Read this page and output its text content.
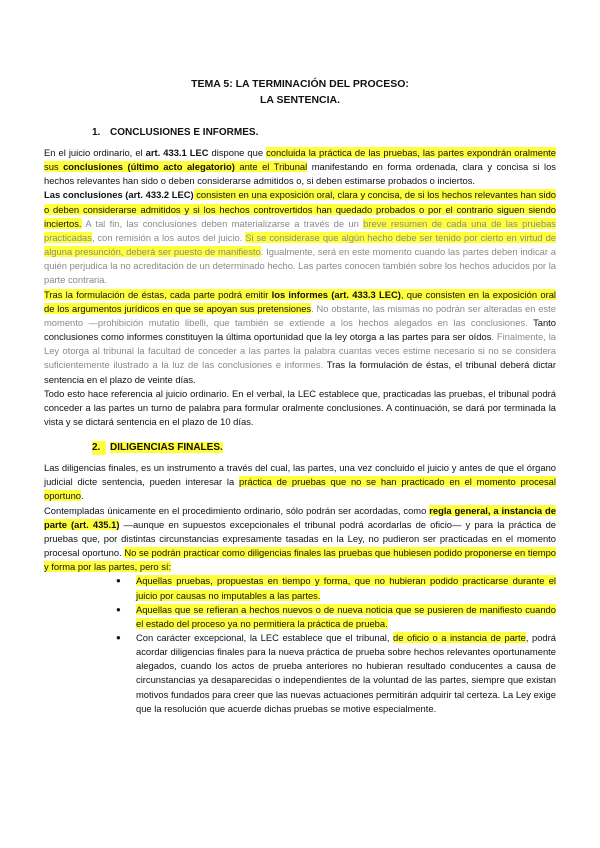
TEMA 5: LA TERMINACIÓN DEL PROCESO:

LA SENTENCIA.

1. CONCLUSIONES E INFORMES.

En el juicio ordinario, el art. 433.1 LEC dispone que concluida la práctica de las pruebas, las partes expondrán oralmente sus conclusiones (último acto alegatorio) ante el Tribunal manifestando en forma ordenada, clara y concisa si los hechos relevantes han sido o deben considerarse admitidos o, si deben estimarse probados o inciertos.

Las conclusiones (art. 433.2 LEC) consisten en una exposición oral, clara y concisa, de si los hechos relevantes han sido o deben considerarse admitidos y si los hechos controvertidos han quedado probados o por el contrario siguen siendo inciertos. A tal fin, las conclusiones deben materializarse a través de un breve resumen de cada una de las pruebas practicadas, con remisión a los autos del juicio. Si se considerase que algún hecho debe ser tenido por cierto en virtud de alguna presunción, deberá ser puesto de manifiesto. Igualmente, será en este momento cuando las partes deben indicar a quién perjudica la no acreditación de un determinado hecho. Las partes conocen también sobre los hechos aducidos por la parte contraria.

Tras la formulación de éstas, cada parte podrá emitir los informes (art. 433.3 LEC), que consisten en la exposición oral de los argumentos jurídicos en que se apoyan sus pretensiones. No obstante, las mismas no podrán ser alteradas en este momento —prohibición mutatio libelli, que también se extiende a los hechos alegados en las conclusiones. Tanto conclusiones como informes constituyen la última oportunidad que la ley otorga a las partes para ser oídos. Finalmente, la Ley otorga al tribunal la facultad de conceder a las partes la palabra cuantas veces estime necesario si no se considera suficientemente ilustrado a la luz de las conclusiones e informes. Tras la formulación de éstas, el tribunal deberá dictar sentencia en el plazo de veinte días.

Todo esto hace referencia al juicio ordinario. En el verbal, la LEC establece que, practicadas las pruebas, el tribunal podrá conceder a las partes un turno de palabra para formular oralmente conclusiones. A continuación, se dará por terminada la vista y se dictará sentencia en el plazo de 10 días.

2. DILIGENCIAS FINALES.

Las diligencias finales, es un instrumento a través del cual, las partes, una vez concluido el juicio y antes de que el órgano judicial dicte sentencia, pueden interesar la práctica de pruebas que no se han practicado en el momento procesal oportuno.

Contempladas únicamente en el procedimiento ordinario, sólo podrán ser acordadas, como regla general, a instancia de parte (art. 435.1) —aunque en supuestos excepcionales el tribunal podrá acordarlas de oficio— y para la práctica de pruebas que, por distintas circunstancias expresamente tasadas en la Ley, no pudieron ser practicadas en el momento procesal oportuno. No se podrán practicar como diligencias finales las pruebas que hubiesen podido proponerse en tiempo y forma por las partes, pero sí:

● Aquellas pruebas, propuestas en tiempo y forma, que no hubieran podido practicarse durante el juicio por causas no imputables a las partes.
● Aquellas que se refieran a hechos nuevos o de nueva noticia que se pusieren de manifiesto cuando el estado del proceso ya no permitiera la práctica de prueba.
● Con carácter excepcional, la LEC establece que el tribunal, de oficio o a instancia de parte, podrá acordar diligencias finales para la nueva práctica de prueba sobre hechos relevantes oportunamente alegados, cuando los actos de prueba anteriores no hubieran resultado conducentes a causa de circunstancias ya desaparecidas o independientes de la voluntad de las partes, siempre que existan motivos fundados para creer que las nuevas actuaciones permitirán adquirir tal certeza. La Ley exige que la resolución que acuerde dichas pruebas se motive especialmente.
